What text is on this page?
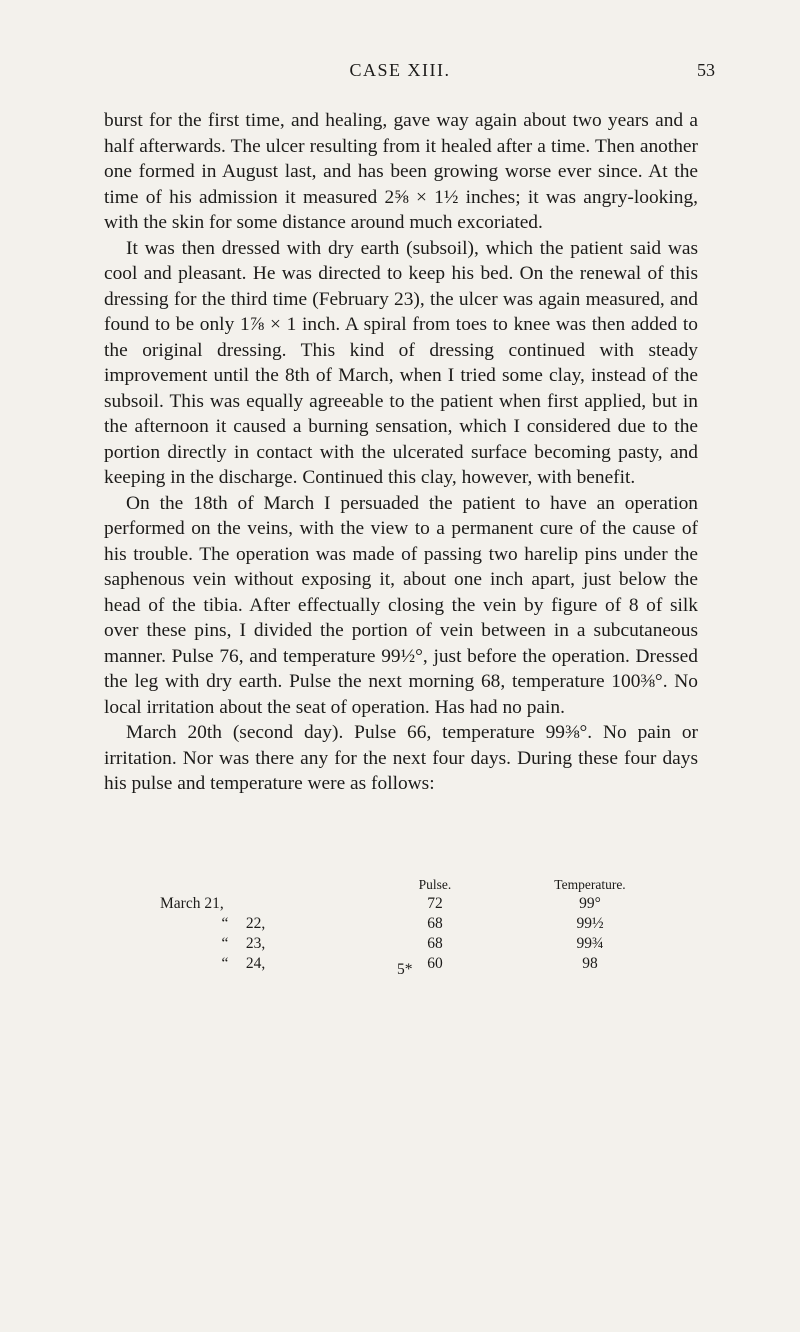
CASE XIII.	53

burst for the first time, and healing, gave way again about two years and a half afterwards. The ulcer resulting from it healed after a time. Then another one formed in August last, and has been growing worse ever since. At the time of his admission it measured 2⅝ × 1½ inches; it was angry-looking, with the skin for some distance around much excoriated.

It was then dressed with dry earth (subsoil), which the patient said was cool and pleasant. He was directed to keep his bed. On the renewal of this dressing for the third time (February 23), the ulcer was again measured, and found to be only 1⅞ × 1 inch. A spiral from toes to knee was then added to the original dressing. This kind of dressing continued with steady improvement until the 8th of March, when I tried some clay, instead of the subsoil. This was equally agreeable to the patient when first applied, but in the afternoon it caused a burning sensation, which I considered due to the portion directly in contact with the ulcerated surface becoming pasty, and keeping in the discharge. Continued this clay, however, with benefit.

On the 18th of March I persuaded the patient to have an operation performed on the veins, with the view to a permanent cure of the cause of his trouble. The operation was made of passing two harelip pins under the saphenous vein without exposing it, about one inch apart, just below the head of the tibia. After effectually closing the vein by figure of 8 of silk over these pins, I divided the portion of vein between in a subcutaneous manner. Pulse 76, and temperature 99½°, just before the operation. Dressed the leg with dry earth. Pulse the next morning 68, temperature 100⅜°. No local irritation about the seat of operation. Has had no pain.

March 20th (second day). Pulse 66, temperature 99⅜°. No pain or irritation. Nor was there any for the next four days. During these four days his pulse and temperature were as follows:

Pulse.	Temperature.
March 21,	72	99°
“ 22,	68	99½
“ 23,	68	99¾
“ 24,	60	98
5*
